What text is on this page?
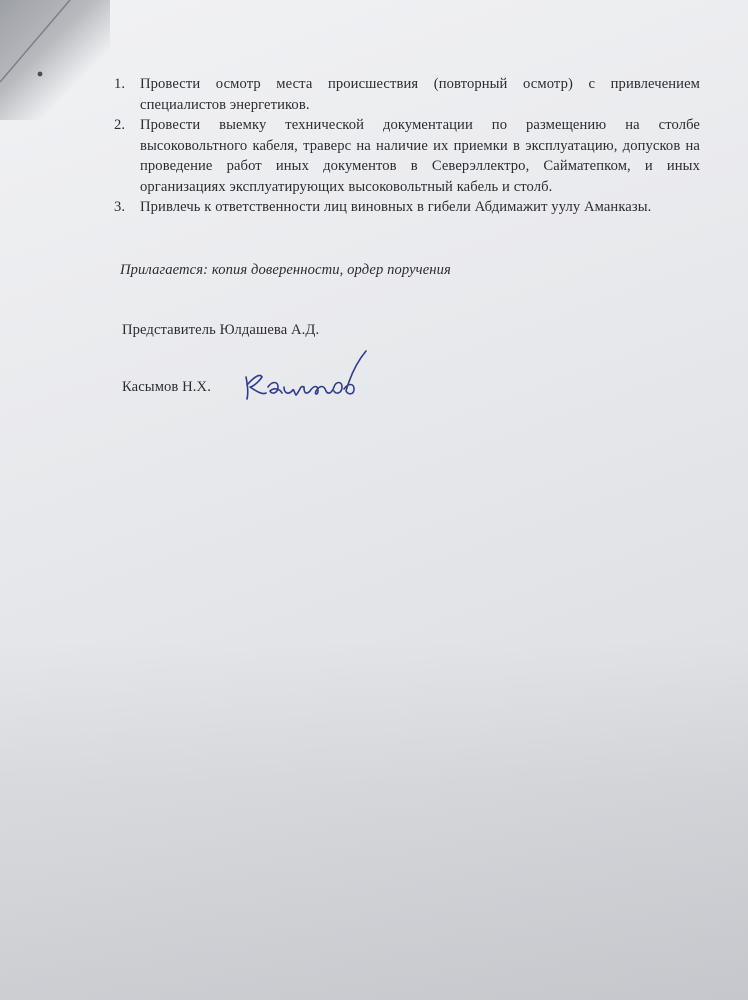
1. Провести осмотр места происшествия (повторный осмотр) с привлечением специалистов энергетиков.
2. Провести выемку технической документации по размещению на столбе высоковольтного кабеля, траверс на наличие их приемки в эксплуатацию, допусков на проведение работ иных документов в Северэллектро, Сайматепком, и иных организациях эксплуатирующих высоковольтный кабель и столб.
3. Привлечь к ответственности лиц виновных в гибели Абдимажит уулу Аманказы.
Прилагается: копия доверенности, ордер поручения
Представитель Юлдашева А.Д.
Касымов Н.Х.
